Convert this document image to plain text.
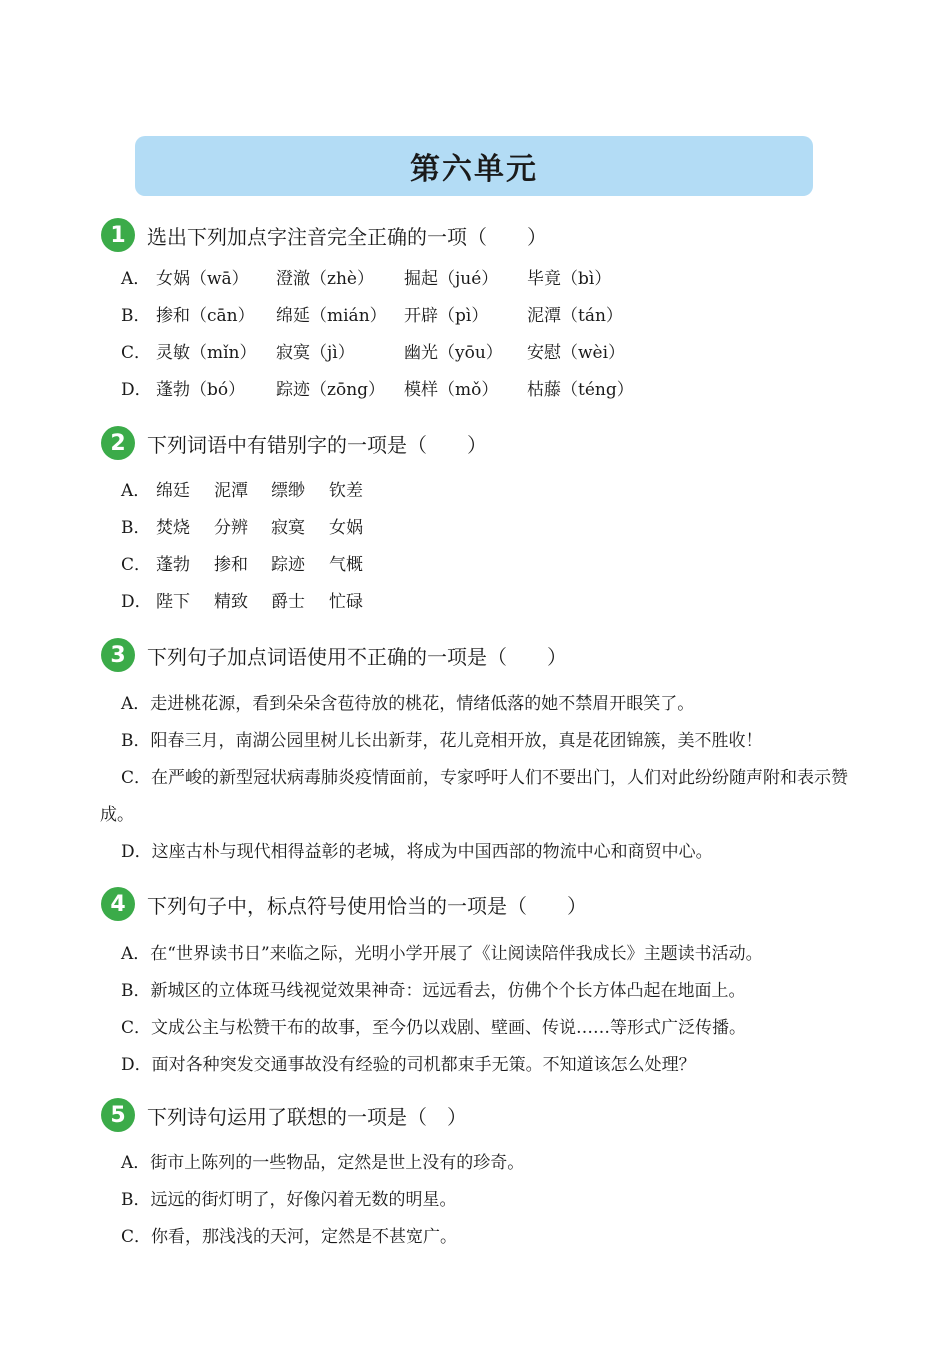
第六单元
1	选出下列加点字注音完全正确的一项（　　）
A． 女娲（wā） 澄澈（zhè） 掘起（jué） 毕竟（bì）
B． 掺和（cān） 绵延（mián） 开辟（pì） 泥潭（tán）
C． 灵敏（mǐn） 寂寞（jì）	幽光（yōu） 安慰（wèi）
D． 蓬勃（bó） 踪迹（zōng） 模样（mǒ） 枯藤（téng）
2	下列词语中有错别字的一项是（　　）
A． 绵廷 泥潭 缥缈 钦差
B． 焚烧 分辨 寂寞 女娲
C． 蓬勃 掺和 踪迹 气概
D． 陛下 精致 爵士 忙碌
3	下列句子加点词语使用不正确的一项是（　　）
A．走进桃花源，看到朵朵含苞待放的桃花，情绪低落的她不禁眉开眼笑了。
B．阳春三月，南湖公园里树儿长出新芽，花儿竞相开放，真是花团锦簇，美不胜收！
C．在严峻的新型冠状病毒肺炎疫情面前，专家呼吁人们不要出门，人们对此纷纷随声附和表示赞成。
D．这座古朴与现代相得益彰的老城，将成为中国西部的物流中心和商贸中心。
4	下列句子中，标点符号使用恰当的一项是（　　）
A．在“世界读书日”来临之际，光明小学开展了《让阅读陪伴我成长》主题读书活动。
B．新城区的立体斑马线视觉效果神奇：远远看去，仿佛个个长方体凸起在地面上。
C．文成公主与松赞干布的故事，至今仍以戏剧、壁画、传说……等形式广泛传播。
D．面对各种突发交通事故没有经验的司机都束手无策。不知道该怎么处理？
5	下列诗句运用了联想的一项是（　）
A．街市上陈列的一些物品，定然是世上没有的珍奇。
B．远远的街灯明了，好像闪着无数的明星。
C．你看，那浅浅的天河，定然是不甚宽广。
